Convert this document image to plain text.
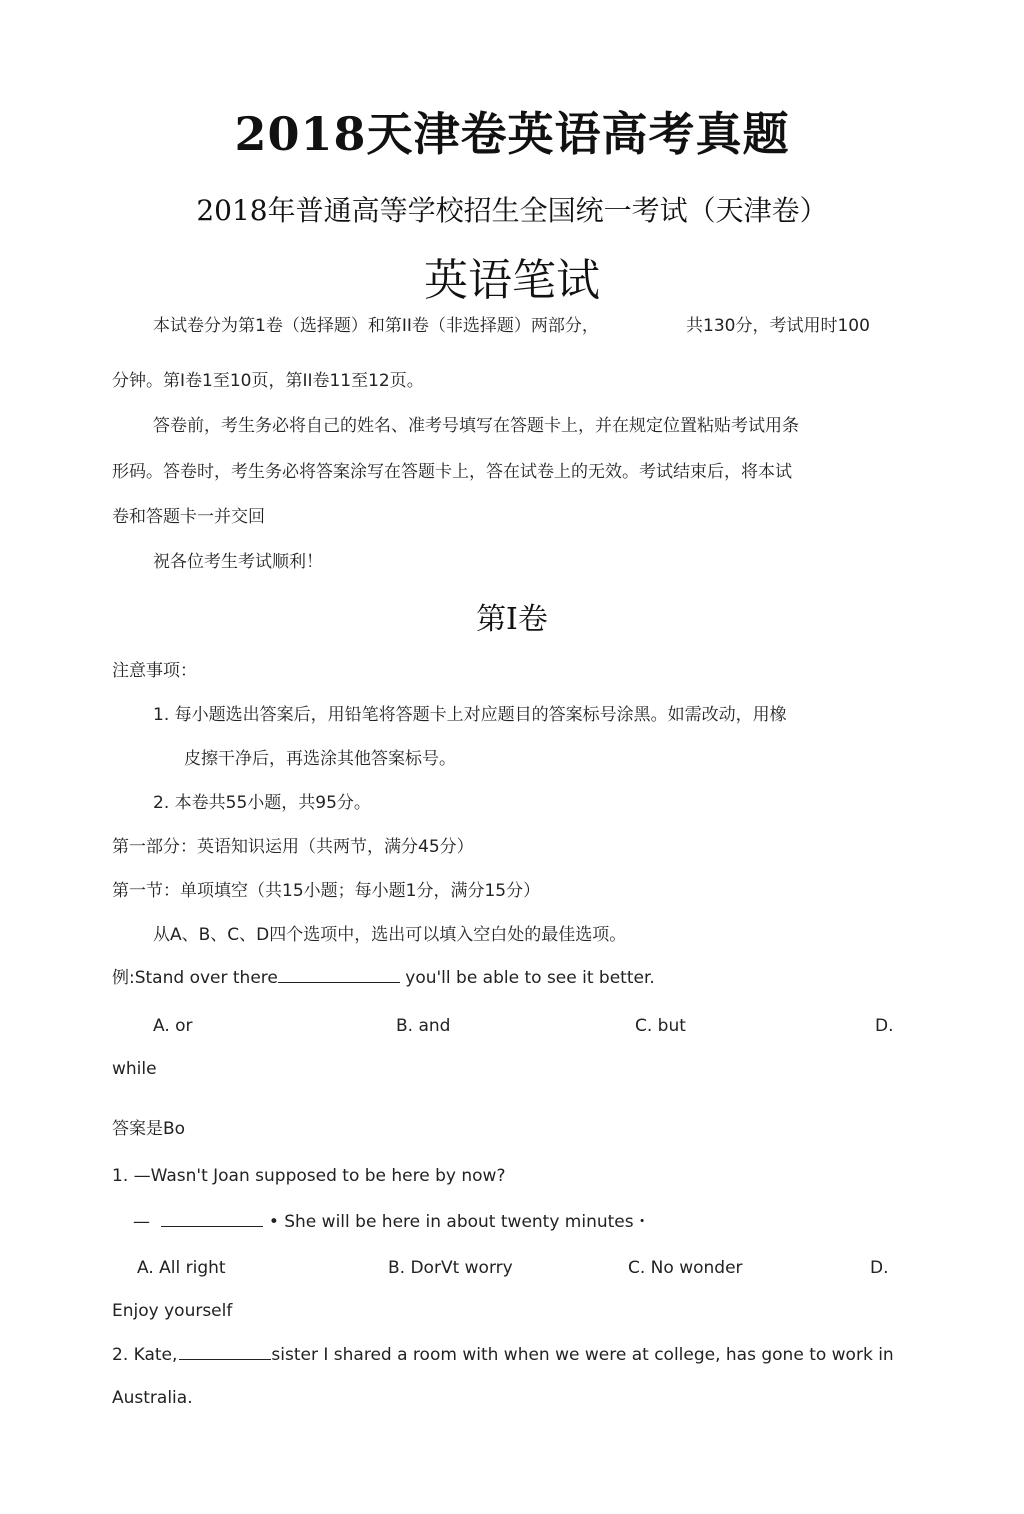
2018天津卷英语高考真题
2018年普通高等学校招生全国统一考试（天津卷）
英语笔试
本试卷分为第1卷（选择题）和第II卷（非选择题）两部分，	共130分，考试用时100
分钟。第I卷1至10页，第II卷11至12页。
答卷前，考生务必将自己的姓名、准考号填写在答题卡上，并在规定位置粘贴考试用条
形码。答卷时，考生务必将答案涂写在答题卡上，答在试卷上的无效。考试结束后，将本试
卷和答题卡一并交回
祝各位考生考试顺利！
第I卷
注意事项：
1. 每小题选出答案后，用铅笔将答题卡上对应题目的答案标号涂黑。如需改动，用橡
皮擦干净后，再选涂其他答案标号。
2. 本卷共55小题，共95分。
第一部分：英语知识运用（共两节，满分45分）
第一节：单项填空（共15小题；每小题1分，满分15分）
从A、B、C、D四个选项中，选出可以填入空白处的最佳选项。
例:Stand over there	you'll be able to see it better.
A. or	B. and	C. but	D.
while
答案是Bo
1. —Wasn't Joan supposed to be here by now?
—	• She will be here in about twenty minutes・
A. All right	B. DorVt worry	C. No wonder	D.
Enjoy yourself
2. Kate,	sister I shared a room with when we were at college, has gone to work in
Australia.
